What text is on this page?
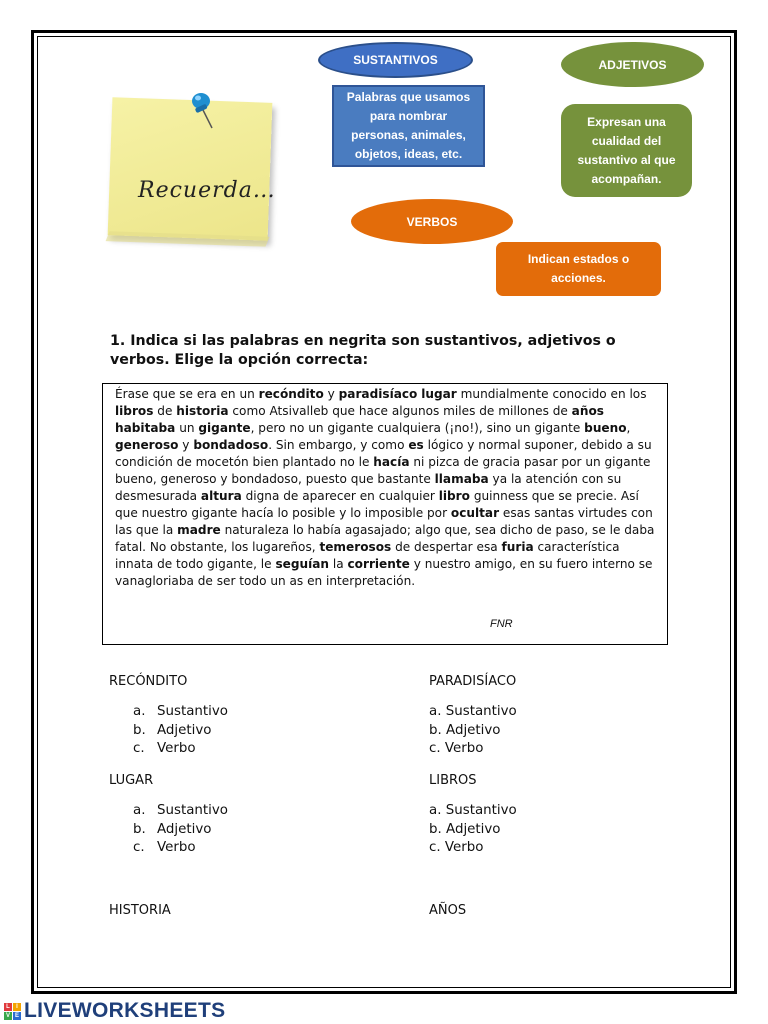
Recuerda…
SUSTANTIVOS
Palabras que usamos para nombrar personas, animales, objetos, ideas, etc.
ADJETIVOS
Expresan una cualidad del sustantivo al que acompañan.
VERBOS
Indican estados o acciones.
1. Indica si las palabras en negrita son sustantivos, adjetivos o verbos. Elige la opción correcta:
Érase que se era en un recóndito y paradisíaco lugar mundialmente conocido en los libros de historia como Atsivalleb que hace algunos miles de millones de años habitaba un gigante, pero no un gigante cualquiera (¡no!), sino un gigante bueno, generoso y bondadoso. Sin embargo, y como es lógico y normal suponer, debido a su condición de mocetón bien plantado no le hacía ni pizca de gracia pasar por un gigante bueno, generoso y bondadoso, puesto que bastante llamaba ya la atención con su desmesurada altura digna de aparecer en cualquier libro guinness que se precie. Así que nuestro gigante hacía lo posible y lo imposible por ocultar esas santas virtudes con las que la madre naturaleza lo había agasajado; algo que, sea dicho de paso, se le daba fatal. No obstante, los lugareños, temerosos de despertar esa furia característica innata de todo gigante, le seguían la corriente y nuestro amigo, en su fuero interno se vanagloriaba de ser todo un as en interpretación.
FNR
RECÓNDITO
a. Sustantivo
b. Adjetivo
c. Verbo
PARADISÍACO
a. Sustantivo
b. Adjetivo
c. Verbo
LUGAR
a. Sustantivo
b. Adjetivo
c. Verbo
LIBROS
a. Sustantivo
b. Adjetivo
c. Verbo
HISTORIA	AÑOS
L	I
V E LIVEWORKSHEETS
